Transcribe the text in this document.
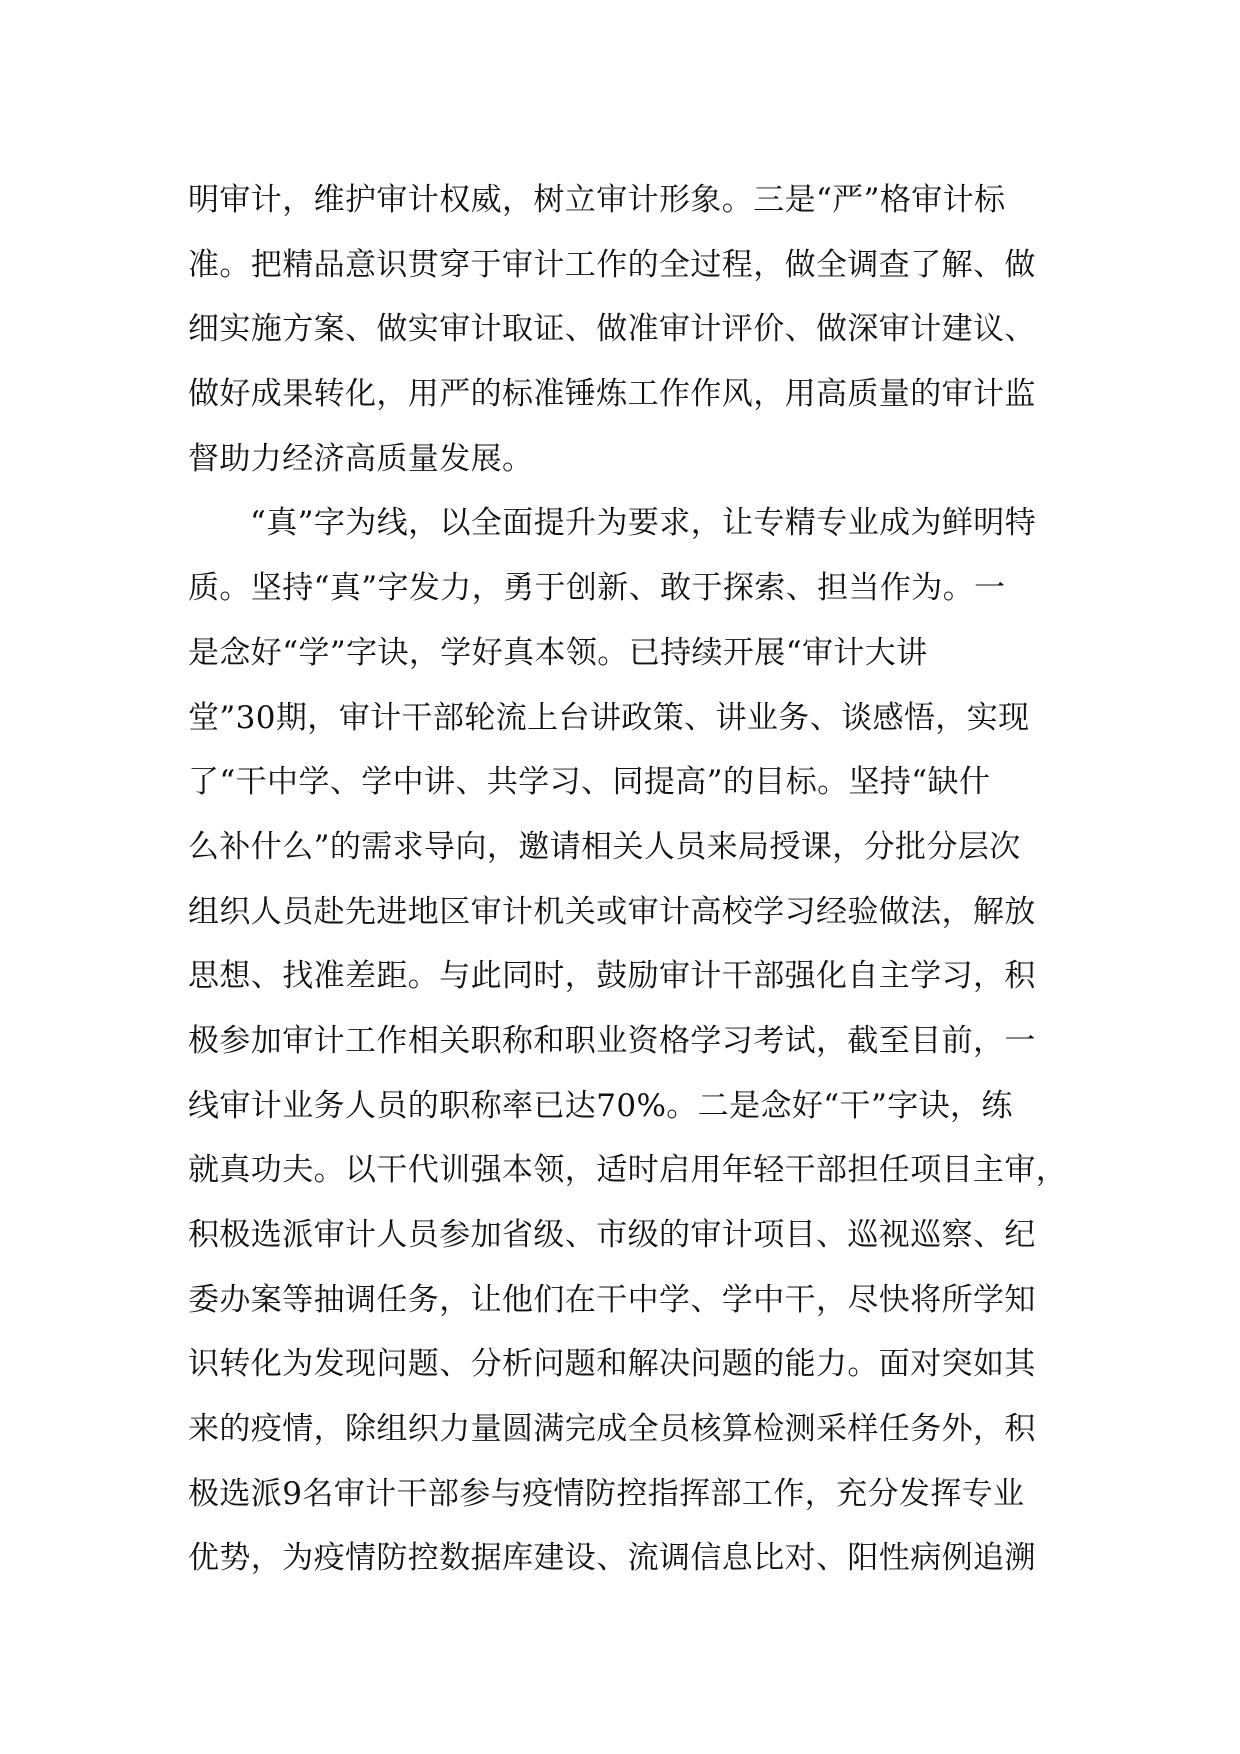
明审计，维护审计权威，树立审计形象。三是“严”格审计标
准。把精品意识贯穿于审计工作的全过程，做全调查了解、做
细实施方案、做实审计取证、做准审计评价、做深审计建议、
做好成果转化，用严的标准锤炼工作作风，用高质量的审计监
督助力经济高质量发展。
“真”字为线，以全面提升为要求，让专精专业成为鲜明特
质。坚持“真”字发力，勇于创新、敢于探索、担当作为。一
是念好“学”字诀，学好真本领。已持续开展“审计大讲
堂”30期，审计干部轮流上台讲政策、讲业务、谈感悟，实现
了“干中学、学中讲、共学习、同提高”的目标。坚持“缺什
么补什么”的需求导向，邀请相关人员来局授课，分批分层次
组织人员赴先进地区审计机关或审计高校学习经验做法，解放
思想、找准差距。与此同时，鼓励审计干部强化自主学习，积
极参加审计工作相关职称和职业资格学习考试，截至目前，一
线审计业务人员的职称率已达70%。二是念好“干”字诀，练
就真功夫。以干代训强本领，适时启用年轻干部担任项目主审，
积极选派审计人员参加省级、市级的审计项目、巡视巡察、纪
委办案等抽调任务，让他们在干中学、学中干，尽快将所学知
识转化为发现问题、分析问题和解决问题的能力。面对突如其
来的疫情，除组织力量圆满完成全员核算检测采样任务外，积
极选派9名审计干部参与疫情防控指挥部工作，充分发挥专业
优势，为疫情防控数据库建设、流调信息比对、阳性病例追溯
